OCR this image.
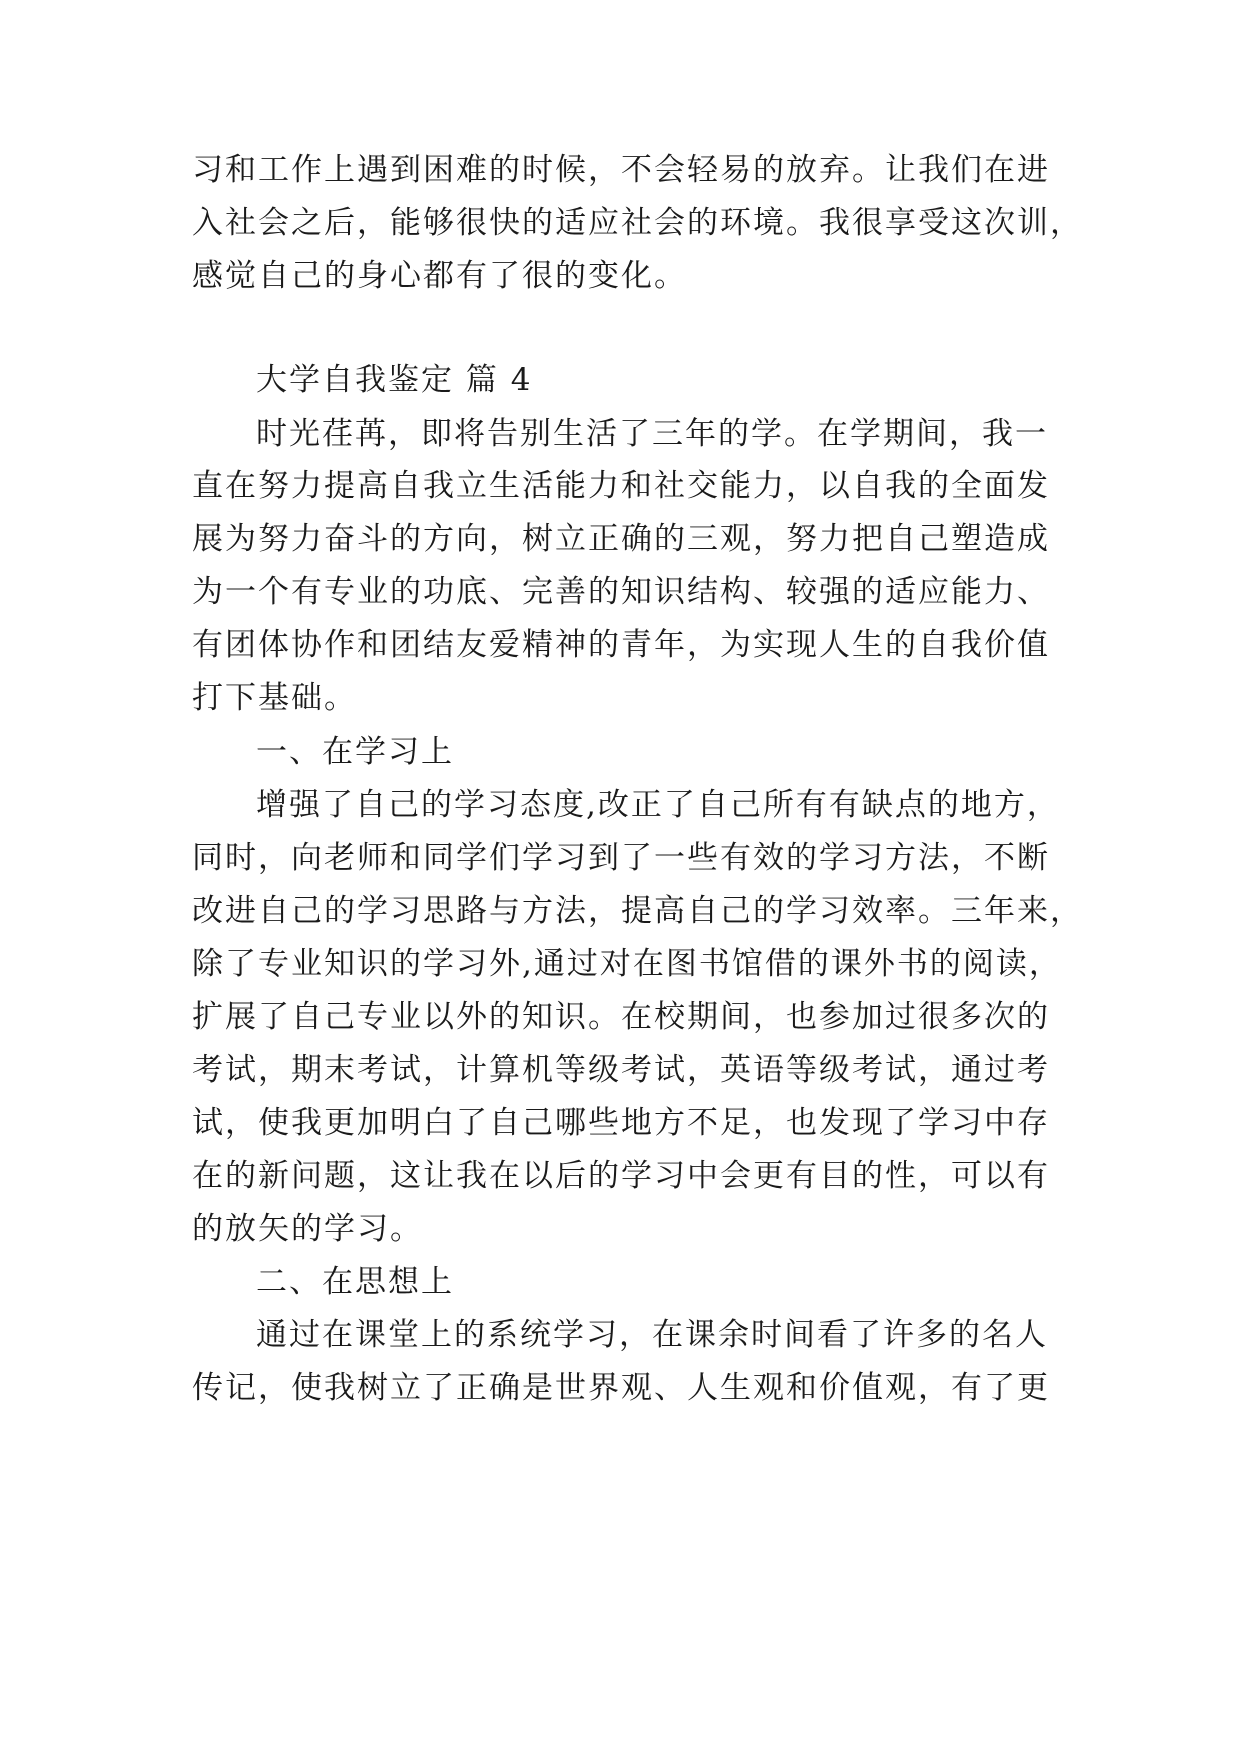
习和工作上遇到困难的时候，不会轻易的放弃。让我们在进
入社会之后，能够很快的适应社会的环境。我很享受这次训，
感觉自己的身心都有了很的变化。
大学自我鉴定 篇 4
时光荏苒，即将告别生活了三年的学。在学期间，我一
直在努力提高自我立生活能力和社交能力，以自我的全面发
展为努力奋斗的方向，树立正确的三观，努力把自己塑造成
为一个有专业的功底、完善的知识结构、较强的适应能力、
有团体协作和团结友爱精神的青年，为实现人生的自我价值
打下基础。
一、在学习上
增强了自己的学习态度,改正了自己所有有缺点的地方，
同时，向老师和同学们学习到了一些有效的学习方法，不断
改进自己的学习思路与方法，提高自己的学习效率。三年来，
除了专业知识的学习外,通过对在图书馆借的课外书的阅读，
扩展了自己专业以外的知识。在校期间，也参加过很多次的
考试，期末考试，计算机等级考试，英语等级考试，通过考
试，使我更加明白了自己哪些地方不足，也发现了学习中存
在的新问题，这让我在以后的学习中会更有目的性，可以有
的放矢的学习。
二、在思想上
通过在课堂上的系统学习，在课余时间看了许多的名人
传记，使我树立了正确是世界观、人生观和价值观，有了更
